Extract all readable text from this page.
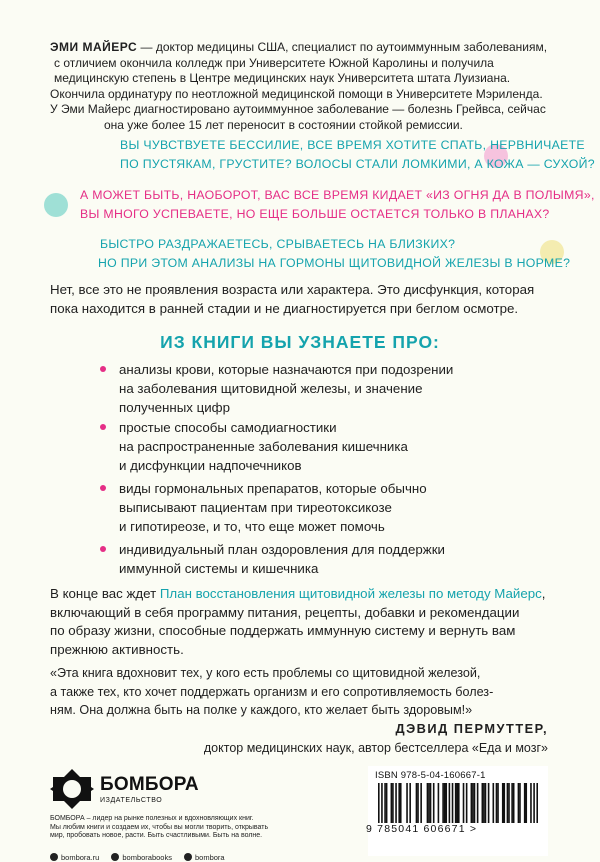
ЭМИ МАЙЕРС — доктор медицины США, специалист по аутоиммунным заболеваниям,
с отличием окончила колледж при Университете Южной Каролины и получила
медицинскую степень в Центре медицинских наук Университета штата Луизиана.
Окончила ординатуру по неотложной медицинской помощи в Университете Мэриленда.
У Эми Майерс диагностировано аутоиммунное заболевание — болезнь Грейвса, сейчас
она уже более 15 лет переносит в состоянии стойкой ремиссии.
ВЫ ЧУВСТВУЕТЕ БЕССИЛИЕ, ВСЕ ВРЕМЯ ХОТИТЕ СПАТЬ, НЕРВНИЧАЕТЕ
ПО ПУСТЯКАМ, ГРУСТИТЕ? ВОЛОСЫ СТАЛИ ЛОМКИМИ, А КОЖА — СУХОЙ?
А МОЖЕТ БЫТЬ, НАОБОРОТ, ВАС ВСЕ ВРЕМЯ КИДАЕТ «ИЗ ОГНЯ ДА В ПОЛЫМЯ»,
ВЫ МНОГО УСПЕВАЕТЕ, НО ЕЩЕ БОЛЬШЕ ОСТАЕТСЯ ТОЛЬКО В ПЛАНАХ?
БЫСТРО РАЗДРАЖАЕТЕСЬ, СРЫВАЕТЕСЬ НА БЛИЗКИХ?
НО ПРИ ЭТОМ АНАЛИЗЫ НА ГОРМОНЫ ЩИТОВИДНОЙ ЖЕЛЕЗЫ В НОРМЕ?
Нет, все это не проявления возраста или характера. Это дисфункция, которая
пока находится в ранней стадии и не диагностируется при беглом осмотре.
ИЗ КНИГИ ВЫ УЗНАЕТЕ ПРО:
анализы крови, которые назначаются при подозрении
на заболевания щитовидной железы, и значение
полученных цифр
простые способы самодиагностики
на распространенные заболевания кишечника
и дисфункции надпочечников
виды гормональных препаратов, которые обычно
выписывают пациентам при тиреотоксикозе
и гипотиреозе, и то, что еще может помочь
индивидуальный план оздоровления для поддержки
иммунной системы и кишечника
В конце вас ждет План восстановления щитовидной железы по методу Майерс,
включающий в себя программу питания, рецепты, добавки и рекомендации
по образу жизни, способные поддержать иммунную систему и вернуть вам
прежнюю активность.
«Эта книга вдохновит тех, у кого есть проблемы со щитовидной железой,
а также тех, кто хочет поддержать организм и его сопротивляемость болез-
ням. Она должна быть на полке у каждого, кто желает быть здоровым!»
ДЭВИД ПЕРМУТТЕР,
доктор медицинских наук, автор бестселлера «Еда и мозг»
БОМБОРА
ИЗДАТЕЛЬСТВО
БОМБОРА – лидер на рынке полезных и вдохновляющих книг.
Мы любим книги и создаем их, чтобы вы могли творить, открывать
мир, пробовать новое, расти. Быть счастливыми. Быть на волне.
bombora.ru	bomborabooks	bombora
ISBN 978-5-04-160667-1
9 785041 606671 >
